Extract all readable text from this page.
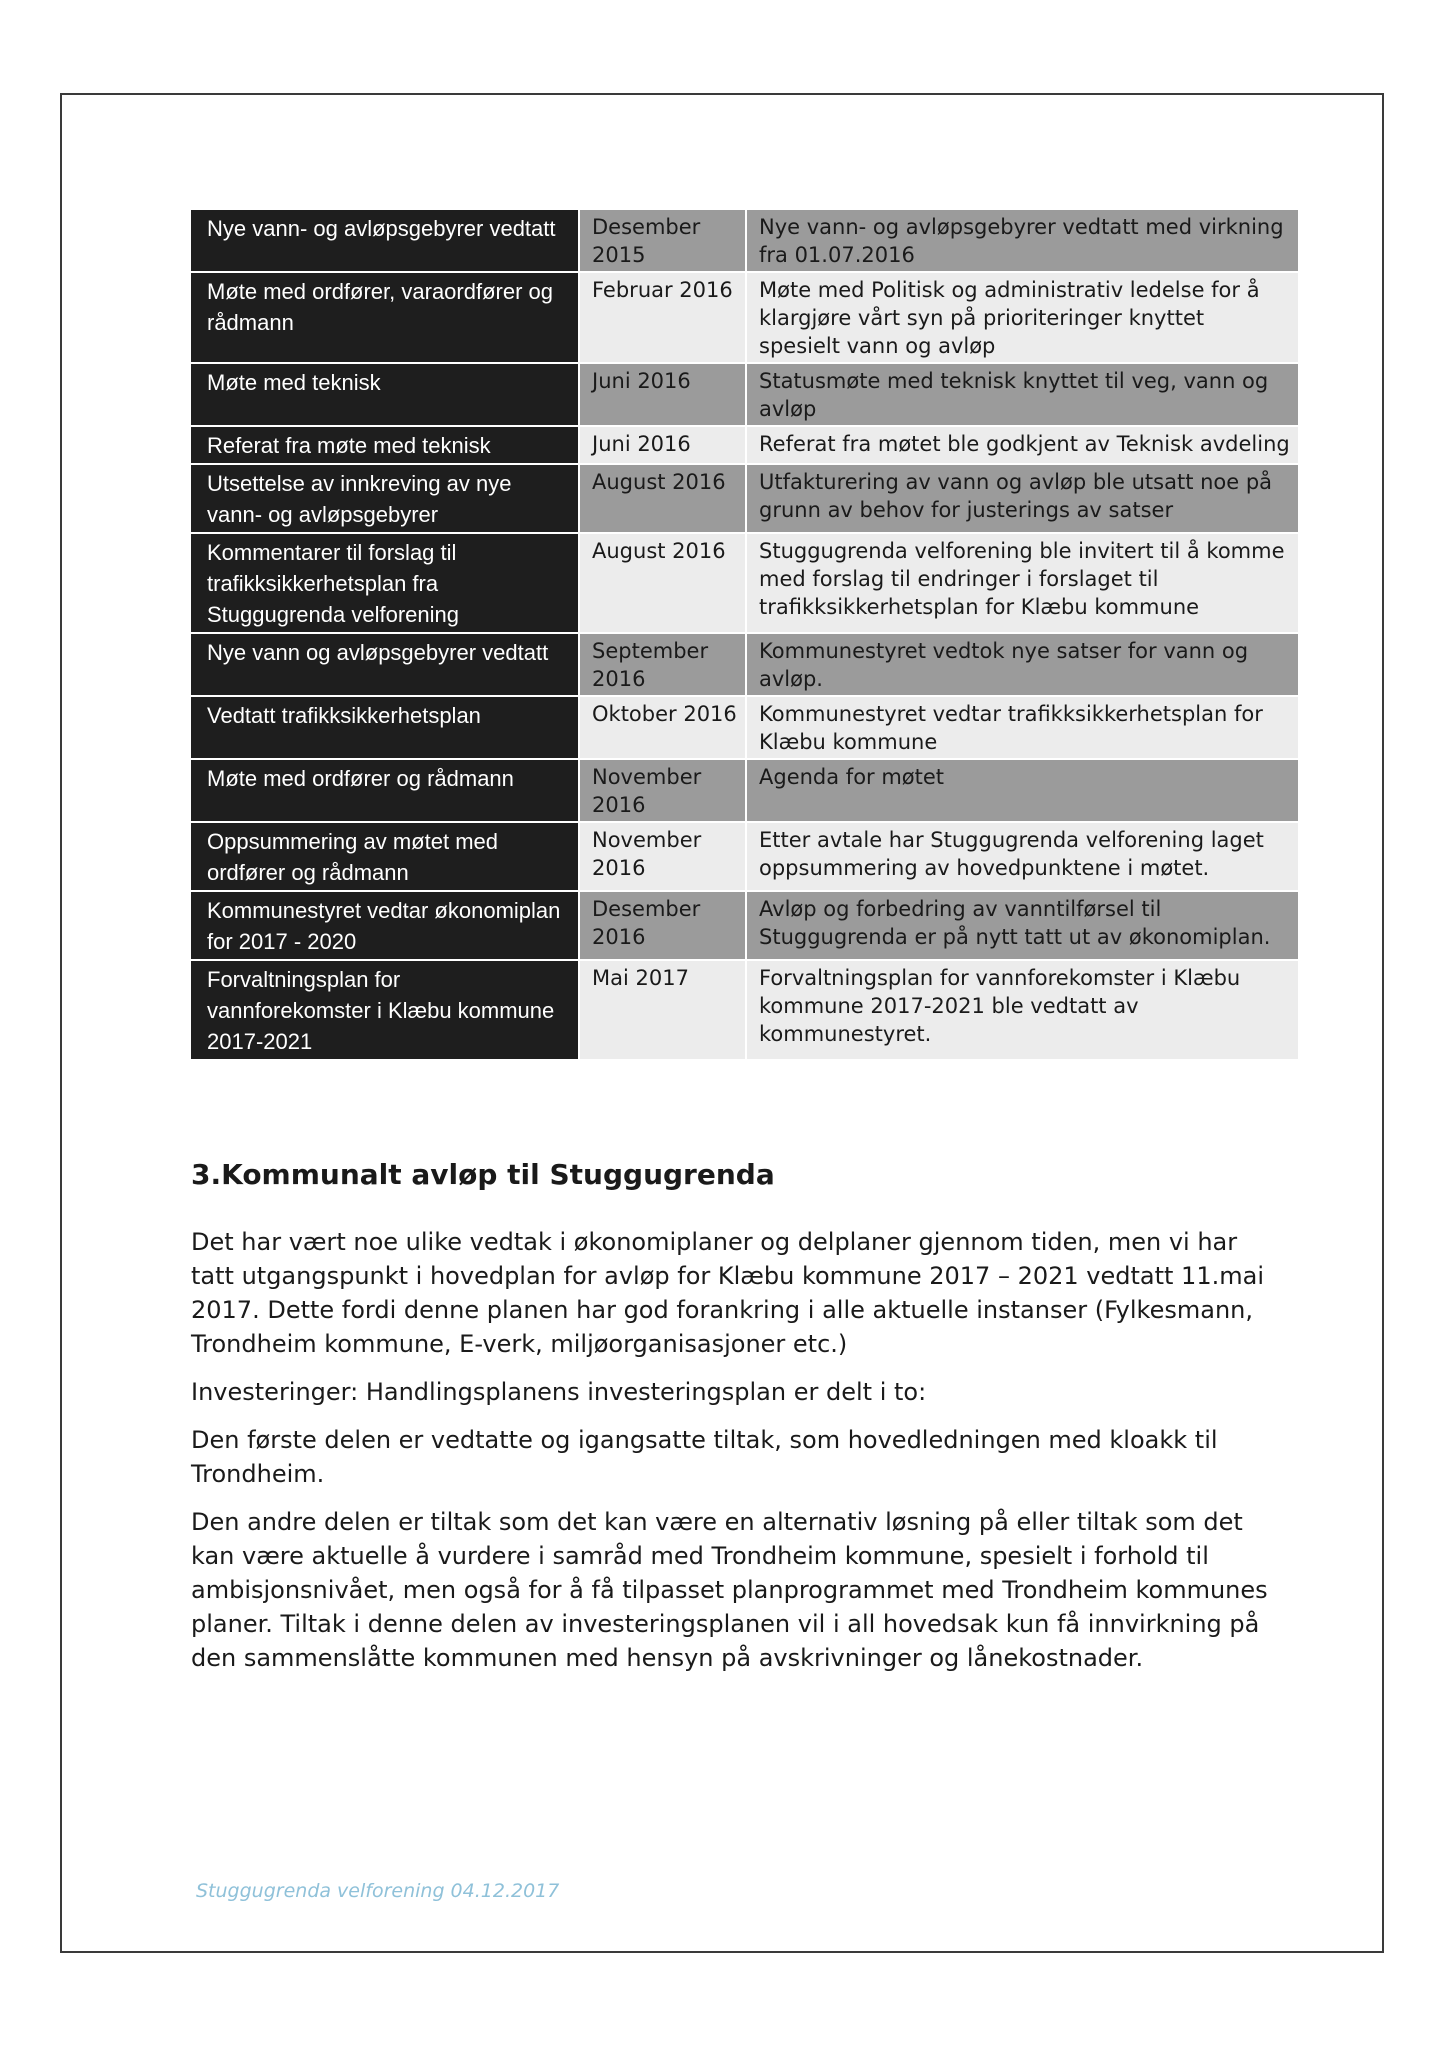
Nye vann- og avløpsgebyrer vedtatt	Desember 2015	Nye vann- og avløpsgebyrer vedtatt med virkning fra 01.07.2016
Møte med ordfører, varaordfører og rådmann	Februar 2016	Møte med Politisk og administrativ ledelse for å klargjøre vårt syn på prioriteringer knyttet spesielt vann og avløp
Møte med teknisk	Juni 2016	Statusmøte med teknisk knyttet til veg, vann og avløp
Referat fra møte med teknisk	Juni 2016	Referat fra møtet ble godkjent av Teknisk avdeling
Utsettelse av innkreving av nye vann- og avløpsgebyrer	August 2016	Utfakturering av vann og avløp ble utsatt noe på grunn av behov for justerings av satser
Kommentarer til forslag til trafikksikkerhetsplan fra Stuggugrenda velforening	August 2016	Stuggugrenda velforening ble invitert til å komme med forslag til endringer i forslaget til trafikksikkerhetsplan for Klæbu kommune
Nye vann og avløpsgebyrer vedtatt	September 2016	Kommunestyret vedtok nye satser for vann og avløp.
Vedtatt trafikksikkerhetsplan	Oktober 2016	Kommunestyret vedtar trafikksikkerhetsplan for Klæbu kommune
Møte med ordfører og rådmann	November 2016	Agenda for møtet
Oppsummering av møtet med ordfører og rådmann	November 2016	Etter avtale har Stuggugrenda velforening laget oppsummering av hovedpunktene i møtet.
Kommunestyret vedtar økonomiplan for 2017 - 2020	Desember 2016	Avløp og forbedring av vanntilførsel til Stuggugrenda er på nytt tatt ut av økonomiplan.
Forvaltningsplan for vannforekomster i Klæbu kommune 2017-2021	Mai 2017	Forvaltningsplan for vannforekomster i Klæbu kommune 2017-2021 ble vedtatt av kommunestyret.
3.Kommunalt avløp til Stuggugrenda

Det har vært noe ulike vedtak i økonomiplaner og delplaner gjennom tiden, men vi har tatt utgangspunkt i hovedplan for avløp for Klæbu kommune 2017 – 2021 vedtatt 11.mai 2017. Dette fordi denne planen har god forankring i alle aktuelle instanser (Fylkesmann, Trondheim kommune, E-verk, miljøorganisasjoner etc.)

Investeringer: Handlingsplanens investeringsplan er delt i to:

Den første delen er vedtatte og igangsatte tiltak, som hovedledningen med kloakk til Trondheim.

Den andre delen er tiltak som det kan være en alternativ løsning på eller tiltak som det kan være aktuelle å vurdere i samråd med Trondheim kommune, spesielt i forhold til ambisjonsnivået, men også for å få tilpasset planprogrammet med Trondheim kommunes planer. Tiltak i denne delen av investeringsplanen vil i all hovedsak kun få innvirkning på den sammenslåtte kommunen med hensyn på avskrivninger og lånekostnader.

Stuggugrenda velforening 04.12.2017
